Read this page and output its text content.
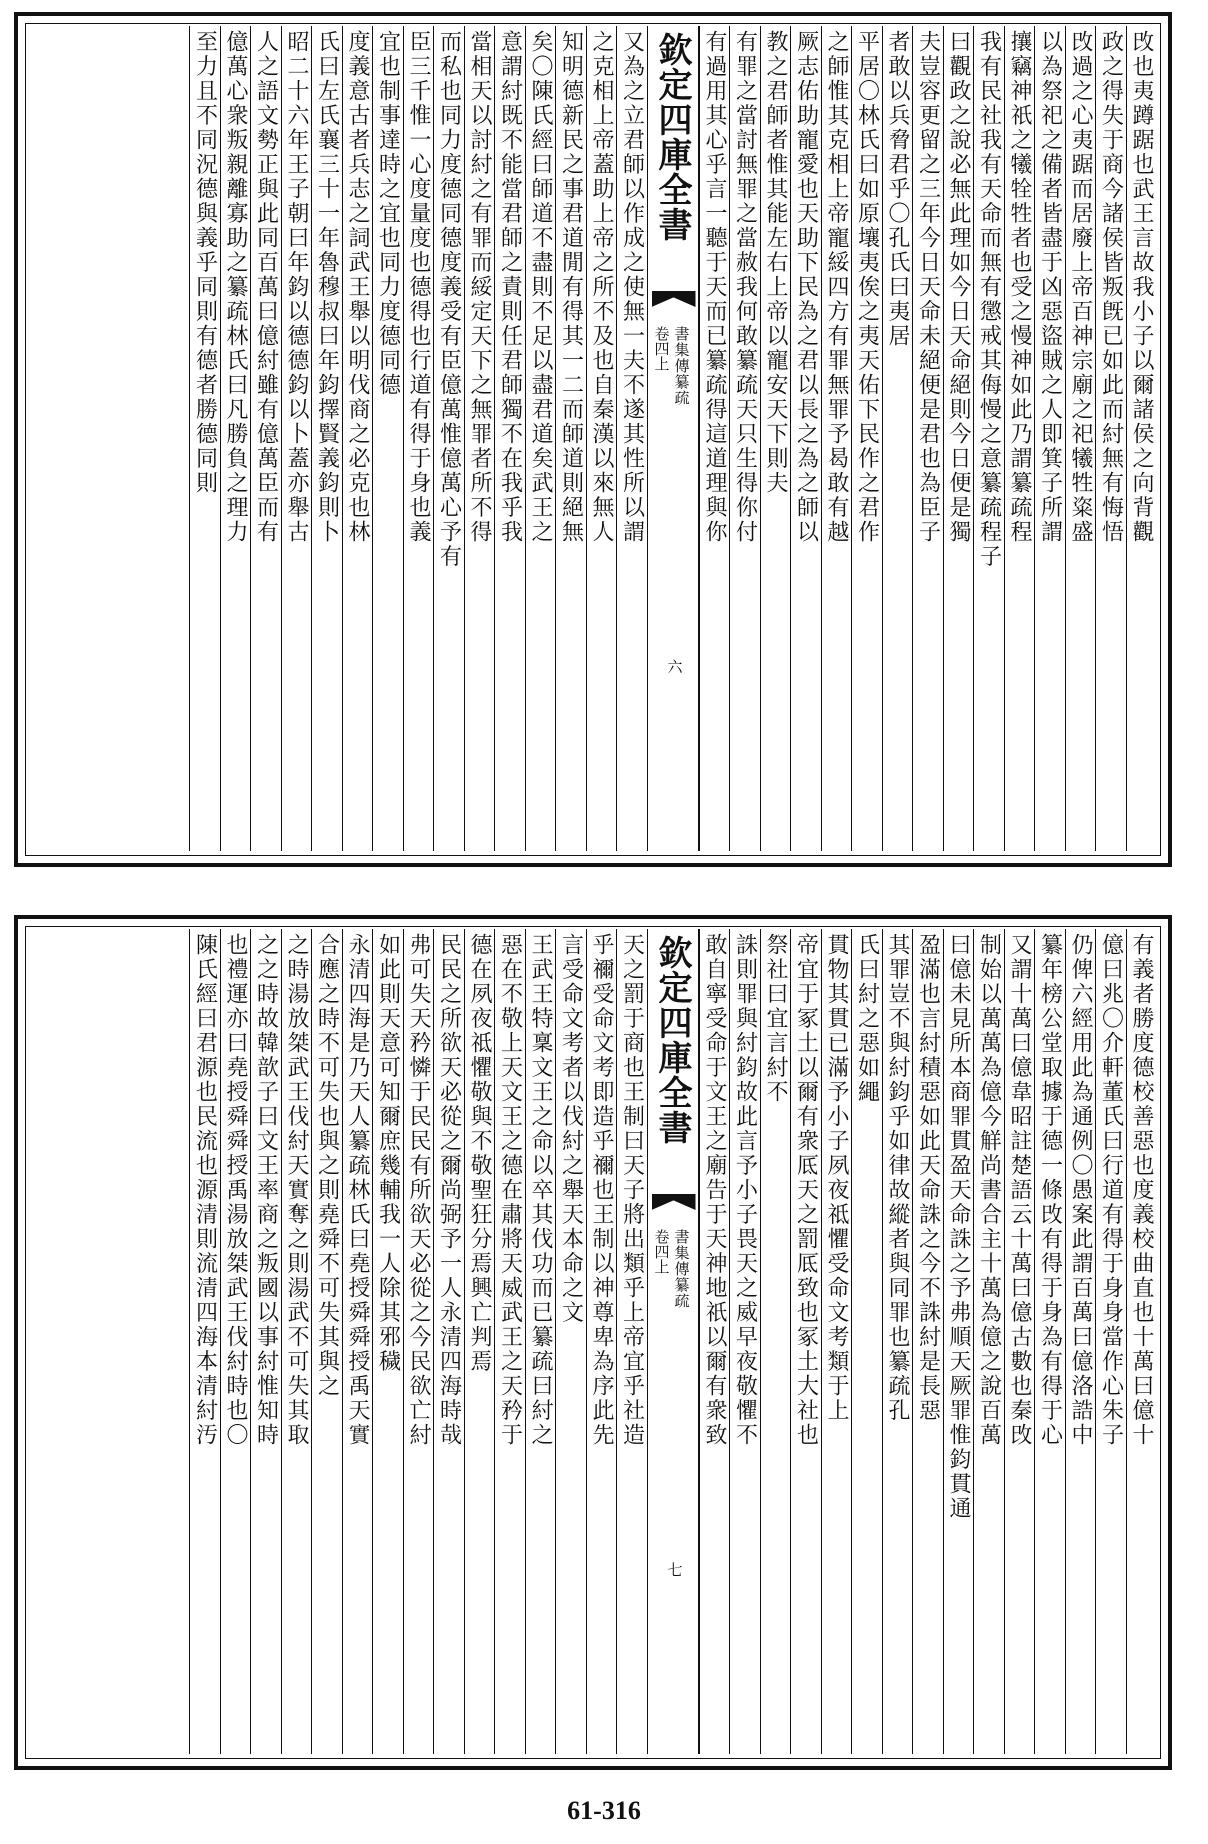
攺也夷蹲踞也武王言故我小子以爾諸侯之向背觀
政之得失于商今諸侯皆叛旣已如此而紂無有悔悟
攺過之心夷踞而居廢上帝百神宗廟之祀犧牲粢盛
以為祭祀之備者皆盡于凶惡盜賊之人即箕子所謂
攘竊神祇之犧牷牲者也受之慢神如此乃謂纂疏程
我有民社我有天命而無有懲戒其侮慢之意纂疏程子
曰觀政之說必無此理如今日天命絕則今日便是獨
夫豈容更留之三年今日天命未絕便是君也為臣子
者敢以兵脅君乎〇孔氏曰夷居
平居〇林氏曰如原壤夷俟之夷天佑下民作之君作
之師惟其克相上帝寵綏四方有罪無罪予曷敢有越
厥志佑助寵愛也天助下民為之君以長之為之師以
教之君師者惟其能左右上帝以寵安天下則夫
有罪之當討無罪之當赦我何敢纂疏天只生得你付
有過用其心乎言一聽于天而已纂疏得這道理與你
欽定四庫全書
書集傳纂疏
卷四上
六
又為之立君師以作成之使無一夫不遂其性所以謂
之克相上帝蓋助上帝之所不及也自秦漢以來無人
知明德新民之事君道閒有得其一二而師道則絕無
矣〇陳氏經曰師道不盡則不足以盡君道矣武王之
意謂紂既不能當君師之責則任君師獨不在我乎我
當相天以討紂之有罪而綏定天下之無罪者所不得
而私也同力度德同德度義受有臣億萬惟億萬心予有
臣三千惟一心度量度也德得也行道有得于身也義
宜也制事達時之宜也同力度德同德
度義意古者兵志之詞武王舉以明伐商之必克也林
氏曰左氏襄三十一年魯穆叔曰年鈞擇賢義鈞則卜
昭二十六年王子朝曰年鈞以德德鈞以卜蓋亦舉古
人之語文勢正與此同百萬曰億紂雖有億萬臣而有
億萬心衆叛親離寡助之纂疏林氏曰凡勝負之理力
至力且不同況德與義乎同則有德者勝德同則
有義者勝度德校善惡也度義校曲直也十萬曰億十
億曰兆〇介軒董氏曰行道有得于身身當作心朱子
仍俾六經用此為通例〇愚案此謂百萬曰億洛誥中
纂年榜公堂取據于德一條攺有得于身為有得于心
又謂十萬曰億韋昭註楚語云十萬曰億古數也秦攺
制始以萬萬為億今觧尚書合主十萬為億之說百萬
曰億未見所本商罪貫盈天命誅之予弗順天厥罪惟鈞貫通
盈滿也言紂積惡如此天命誅之今不誅紂是長惡
其罪豈不與紂鈞乎如律故縱者與同罪也纂疏孔
氏曰紂之惡如繩
貫物其貫已滿予小子夙夜祗懼受命文考類于上
帝宜于冢土以爾有衆厎天之罰厎致也冢土大社也
祭社曰宜言紂不
誅則罪與紂鈞故此言予小子畏天之威早夜敬懼不
敢自寧受命于文王之廟告于天神地祇以爾有衆致
欽定四庫全書
書集傳纂疏
卷四上
七
天之罰于商也王制曰天子將出類乎上帝宜乎社造
乎禰受命文考即造乎禰也王制以神尊卑為序此先
言受命文考者以伐紂之舉天本命之文
王武王特稟文王之命以卒其伐功而已纂疏曰紂之
惡在不敬上天文王之德在肅將天威武王之天矜于
德在夙夜祗懼敬與不敬聖狂分焉興亡判焉
民民之所欲天必從之爾尚弼予一人永清四海時哉
弗可失天矜憐于民民有所欲天必從之今民欲亡紂
如此則天意可知爾庶幾輔我一人除其邪穢
永清四海是乃天人纂疏林氏曰堯授舜舜授禹天實
合應之時不可失也與之則堯舜不可失其與之
之時湯放桀武王伐紂天實奪之則湯武不可失其取
之之時故韓歆子曰文王率商之叛國以事紂惟知時
也禮運亦曰堯授舜舜授禹湯放桀武王伐紂時也〇
陳氏經曰君源也民流也源清則流清四海本清紂汚
61-316
